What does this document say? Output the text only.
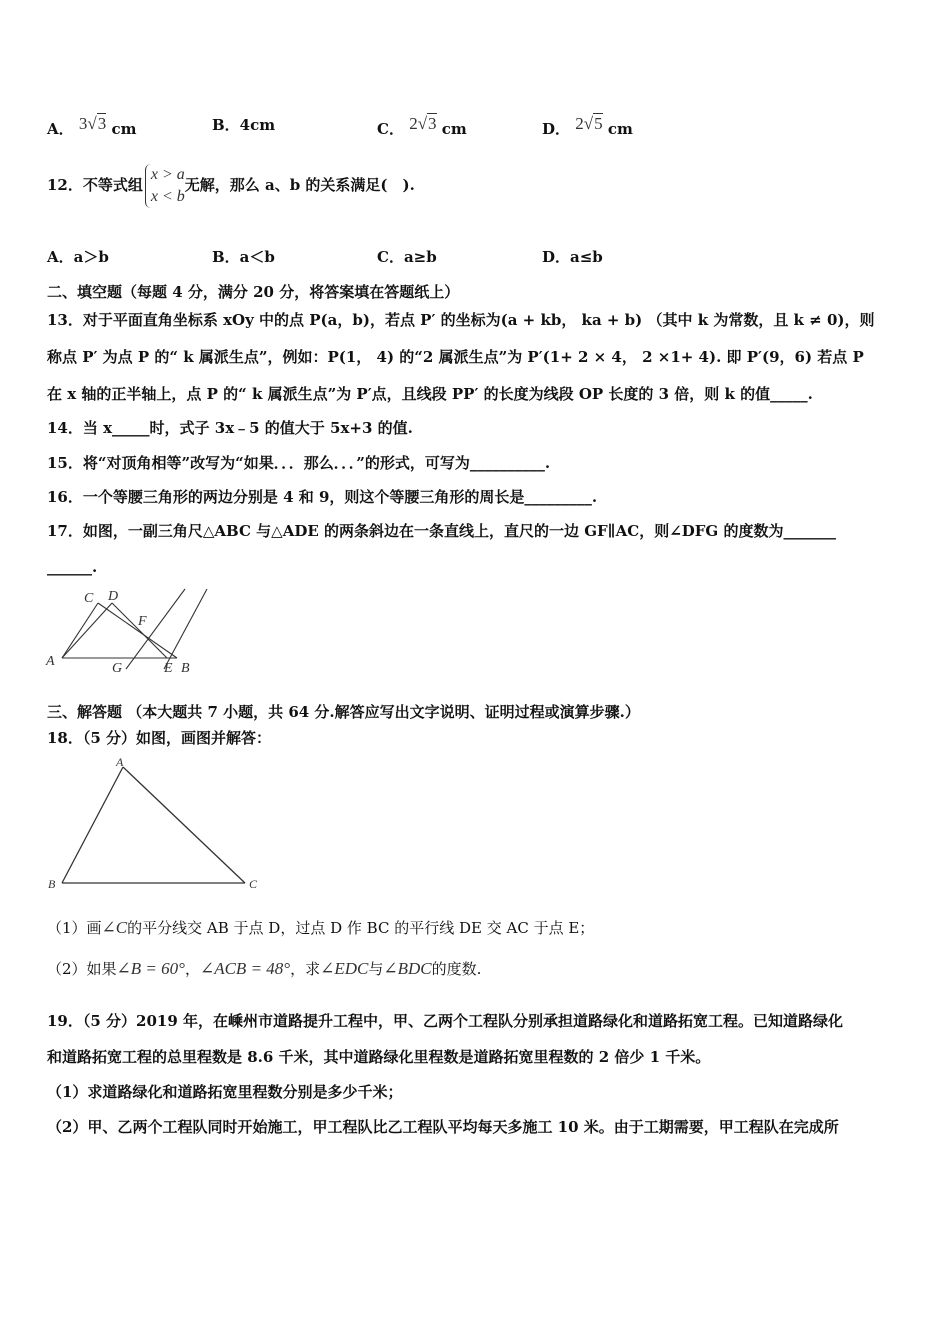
A． 3√3 cm	B．4cm	C． 2√3 cm	D． 2√5 cm
12．不等式组
x > a
x < b
无解，那么 a、b 的关系满足(　).
A．a＞b	B．a＜b	C．a≥b	D．a≤b
二、填空题（每题 4 分，满分 20 分，将答案填在答题纸上）
13．对于平面直角坐标系 xOy 中的点 P(a，b)，若点 P′ 的坐标为(a + kb， ka + b) （其中 k 为常数，且 k ≠ 0)，则
称点 P′ 为点 P 的“ k 属派生点”，例如：P(1， 4) 的“2 属派生点”为 P′(1+ 2 × 4， 2 ×1+ 4). 即 P′(9，6) 若点 P
在 x 轴的正半轴上，点 P 的“ k 属派生点”为 P′点，且线段 PP′ 的长度为线段 OP 长度的 3 倍，则 k 的值_____.
14．当 x_____时，式子 3x﹣5 的值大于 5x+3 的值.
15．将“对顶角相等”改写为“如果．．．那么．．．”的形式，可写为__________.
16．一个等腰三角形的两边分别是 4 和 9，则这个等腰三角形的周长是_________.
17．如图，一副三角尺△ABC 与△ADE 的两条斜边在一条直线上，直尺的一边 GF∥AC，则∠DFG 的度数为_______
______.
C D
F
A	G	E B
三、解答题 （本大题共 7 小题，共 64 分.解答应写出文字说明、证明过程或演算步骤.）
18．（5 分）如图，画图并解答：
A
B	C
（1）画∠C的平分线交 AB 于点 D，过点 D 作 BC 的平行线 DE 交 AC 于点 E；
（2）如果∠B = 60°，∠ACB = 48°，求∠EDC与∠BDC的度数.
19．（5 分）2019 年，在嵊州市道路提升工程中，甲、乙两个工程队分别承担道路绿化和道路拓宽工程。已知道路绿化
和道路拓宽工程的总里程数是 8.6 千米，其中道路绿化里程数是道路拓宽里程数的 2 倍少 1 千米。
（1）求道路绿化和道路拓宽里程数分别是多少千米；
（2）甲、乙两个工程队同时开始施工，甲工程队比乙工程队平均每天多施工 10 米。由于工期需要，甲工程队在完成所
